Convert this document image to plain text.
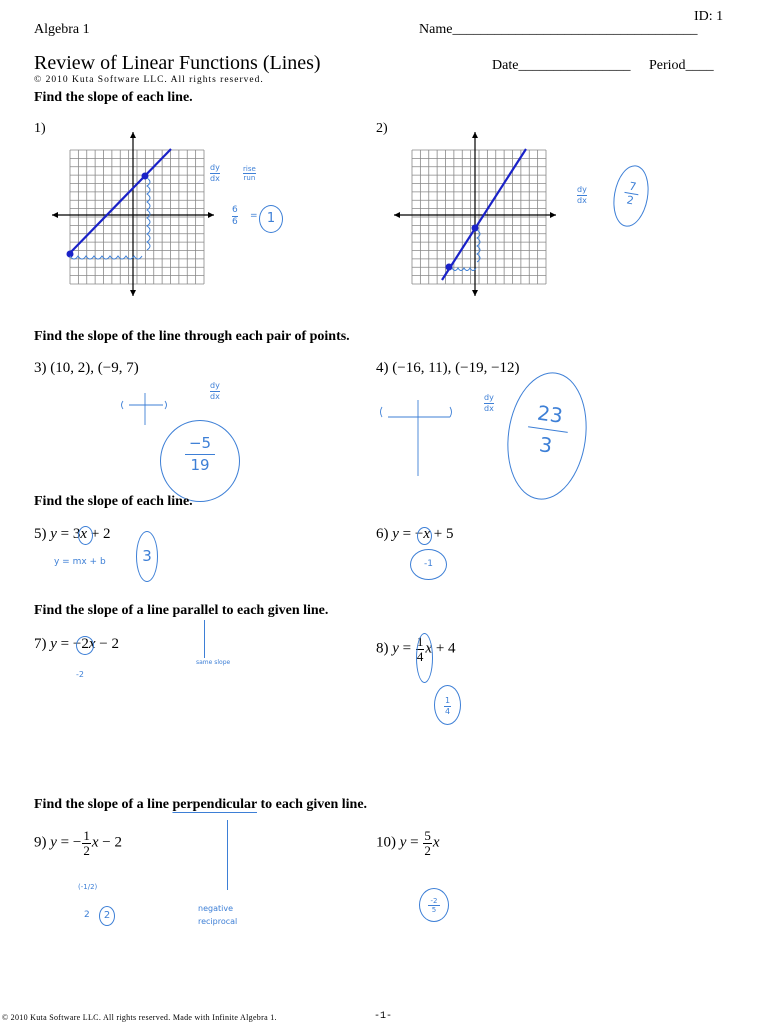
Algebra 1
ID: 1
Name___________________________________
Review of Linear Functions (Lines)
© 2010 Kuta Software LLC. All rights reserved.
Date________________ Period____
Find the slope of each line.
1)	2)
dy
dx
rise
run
6
6
= 1
dy
dx
7
2
Find the slope of the line through each pair of points.
3) (10, 2), (−9, 7)	4) (−16, 11), (−19, −12)
dy
dx
−5
19
dy
dx	23
3
Find the slope of each line.
5) y = 3x + 2	6) y = −x + 5
y = mx + b	3	-1
Find the slope of a line parallel to each given line.
7) y = −2x − 2
-2
same slope
8) $y = \frac{1}{4}$ x + 4
1
4
Find the slope of a line perpendicular to each given line.
9) y = − $\frac{1}{2}$ x − 2	10) $y = \frac{5}{2}$ x
(-1/2)
2	2
negative
reciprocal
-2
5
© 2010 Kuta Software LLC. All rights reserved. Made with Infinite Algebra 1.	-1-
